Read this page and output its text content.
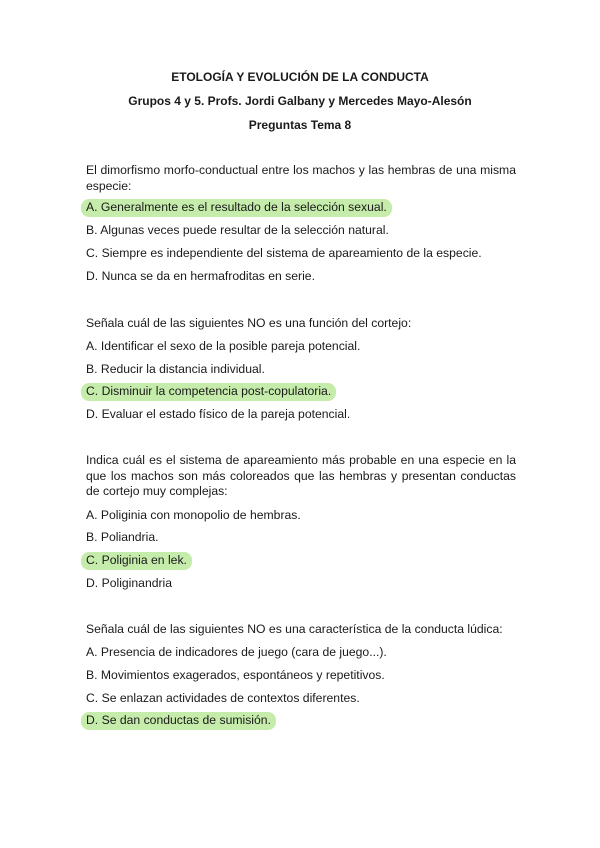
ETOLOGÍA Y EVOLUCIÓN DE LA CONDUCTA
Grupos 4 y 5. Profs. Jordi Galbany y Mercedes Mayo-Alesón
Preguntas Tema 8
El dimorfismo morfo-conductual entre los machos y las hembras de una misma especie:
A. Generalmente es el resultado de la selección sexual.
B. Algunas veces puede resultar de la selección natural.
C. Siempre es independiente del sistema de apareamiento de la especie.
D. Nunca se da en hermafroditas en serie.
Señala cuál de las siguientes NO es una función del cortejo:
A. Identificar el sexo de la posible pareja potencial.
B. Reducir la distancia individual.
C. Disminuir la competencia post-copulatoria.
D. Evaluar el estado físico de la pareja potencial.
Indica cuál es el sistema de apareamiento más probable en una especie en la que los machos son más coloreados que las hembras y presentan conductas de cortejo muy complejas:
A. Poliginia con monopolio de hembras.
B. Poliandria.
C. Poliginia en lek.
D. Poliginandria
Señala cuál de las siguientes NO es una característica de la conducta lúdica:
A. Presencia de indicadores de juego (cara de juego...).
B. Movimientos exagerados, espontáneos y repetitivos.
C. Se enlazan actividades de contextos diferentes.
D. Se dan conductas de sumisión.
